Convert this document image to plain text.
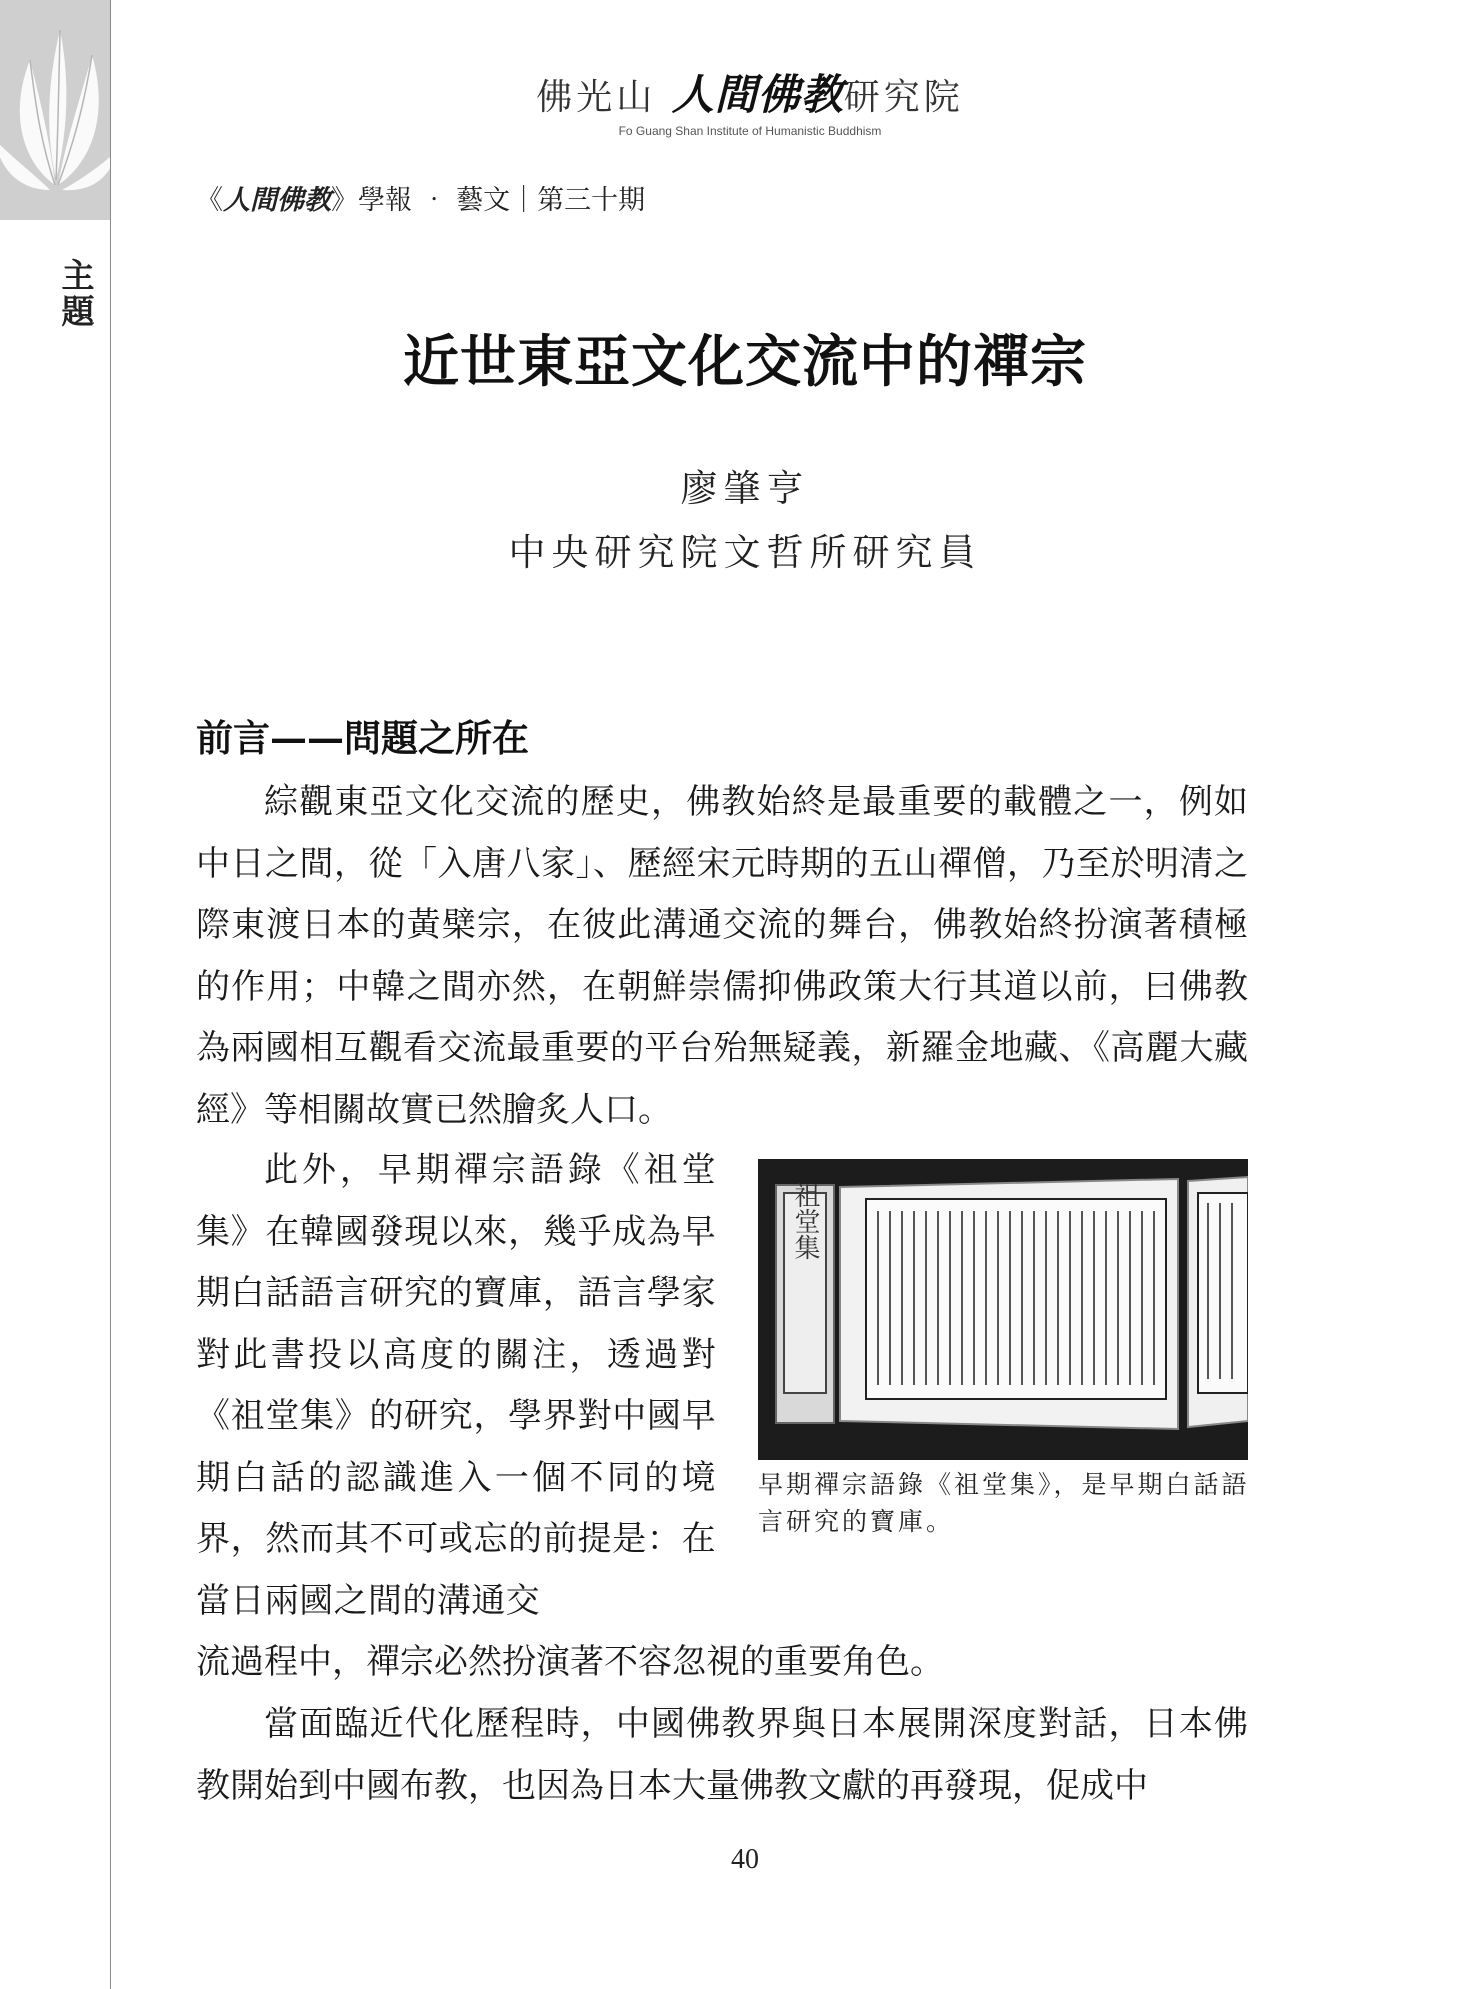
主題
佛光山 人間佛教研究院
Fo Guang Shan Institute of Humanistic Buddhism
《人間佛教》學報 ‧ 藝文｜第三十期
近世東亞文化交流中的禪宗
廖肇亨
中央研究院文哲所研究員
前言——問題之所在

綜觀東亞文化交流的歷史，佛教始終是最重要的載體之一，例如中日之間，從「入唐八家」、歷經宋元時期的五山禪僧，乃至於明清之際東渡日本的黃檗宗，在彼此溝通交流的舞台，佛教始終扮演著積極的作用；中韓之間亦然，在朝鮮崇儒抑佛政策大行其道以前，曰佛教為兩國相互觀看交流最重要的平台殆無疑義，新羅金地藏、《高麗大藏經》等相關故實已然膾炙人口。

此外，早期禪宗語錄《祖堂集》在韓國發現以來，幾乎成為早期白話語言研究的寶庫，語言學家對此書投以高度的關注，透過對《祖堂集》的研究，學界對中國早期白話的認識進入一個不同的境界，然而其不可或忘的前提是：在當日兩國之間的溝通交

流過程中，禪宗必然扮演著不容忽視的重要角色。

當面臨近代化歷程時，中國佛教界與日本展開深度對話，日本佛教開始到中國布教，也因為日本大量佛教文獻的再發現，促成中

祖堂集

早期禪宗語錄《祖堂集》，是早期白話語言研究的寶庫。

40
